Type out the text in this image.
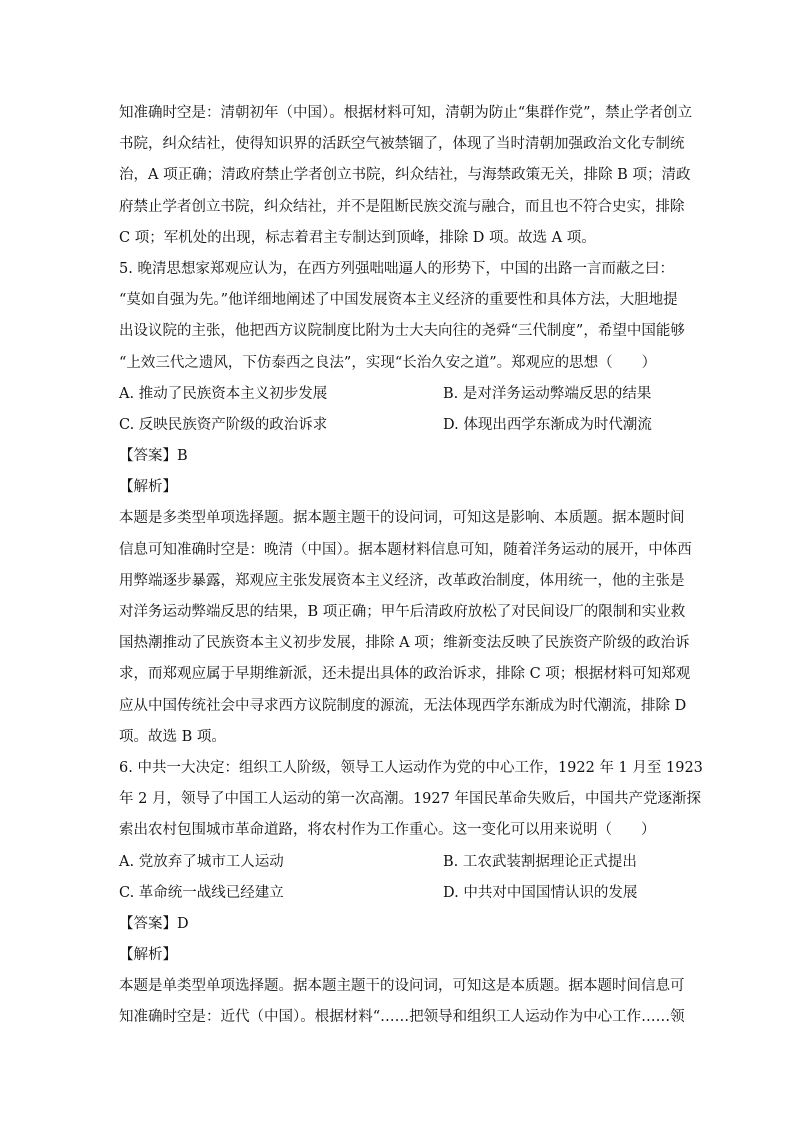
知准确时空是：清朝初年（中国）。根据材料可知，清朝为防止“集群作党”，禁止学者创立
书院，纠众结社，使得知识界的活跃空气被禁锢了，体现了当时清朝加强政治文化专制统
治，A 项正确；清政府禁止学者创立书院，纠众结社，与海禁政策无关，排除 B 项；清政
府禁止学者创立书院，纠众结社，并不是阻断民族交流与融合，而且也不符合史实，排除
C 项；军机处的出现，标志着君主专制达到顶峰，排除 D 项。故选 A 项。
5. 晚清思想家郑观应认为，在西方列强咄咄逼人的形势下，中国的出路一言而蔽之曰：
“莫如自强为先。”他详细地阐述了中国发展资本主义经济的重要性和具体方法，大胆地提
出设议院的主张，他把西方议院制度比附为士大夫向往的尧舜“三代制度”，希望中国能够
“上效三代之遗风，下仿泰西之良法”，实现“长治久安之道”。郑观应的思想（　　）
A. 推动了民族资本主义初步发展	B. 是对洋务运动弊端反思的结果
C. 反映民族资产阶级的政治诉求	D. 体现出西学东渐成为时代潮流
【答案】B
【解析】
本题是多类型单项选择题。据本题主题干的设问词，可知这是影响、本质题。据本题时间
信息可知准确时空是：晚清（中国）。据本题材料信息可知，随着洋务运动的展开，中体西
用弊端逐步暴露，郑观应主张发展资本主义经济，改革政治制度，体用统一，他的主张是
对洋务运动弊端反思的结果，B 项正确；甲午后清政府放松了对民间设厂的限制和实业救
国热潮推动了民族资本主义初步发展，排除 A 项；维新变法反映了民族资产阶级的政治诉
求，而郑观应属于早期维新派，还未提出具体的政治诉求，排除 C 项；根据材料可知郑观
应从中国传统社会中寻求西方议院制度的源流，无法体现西学东渐成为时代潮流，排除 D
项。故选 B 项。
6. 中共一大决定：组织工人阶级，领导工人运动作为党的中心工作，1922 年 1 月至 1923
年 2 月，领导了中国工人运动的第一次高潮。1927 年国民革命失败后，中国共产党逐渐探
索出农村包围城市革命道路，将农村作为工作重心。这一变化可以用来说明（　　）
A. 党放弃了城市工人运动	B. 工农武装割据理论正式提出
C. 革命统一战线已经建立	D. 中共对中国国情认识的发展
【答案】D
【解析】
本题是单类型单项选择题。据本题主题干的设问词，可知这是本质题。据本题时间信息可
知准确时空是：近代（中国）。根据材料“……把领导和组织工人运动作为中心工作……领
